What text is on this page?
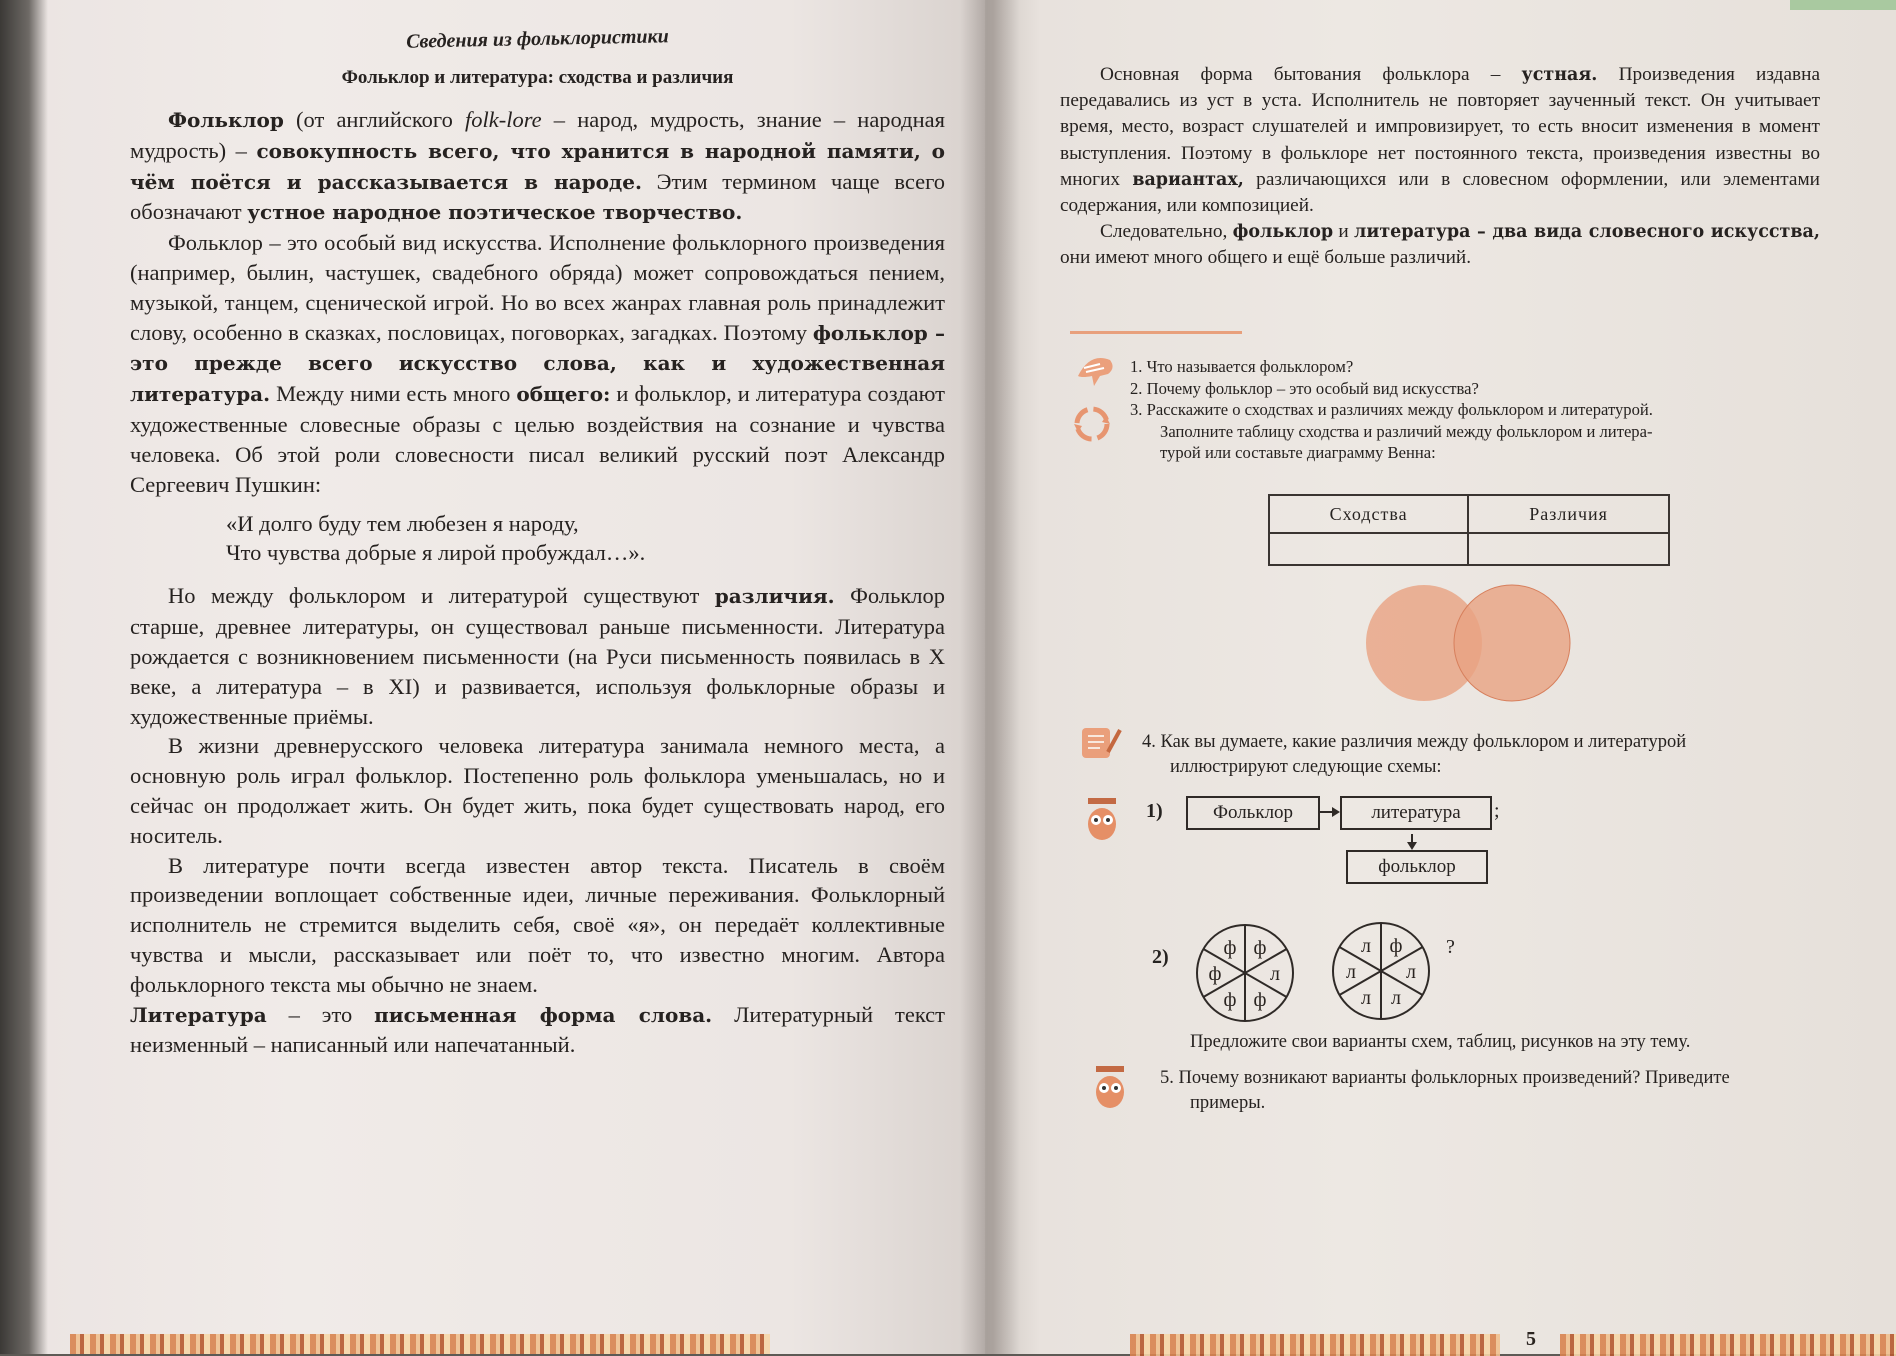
Сведения из фольклористики
Фольклор и литература: сходства и различия

Фольклор (от английского folk-lore – народ, мудрость, знание – народная мудрость) – совокупность всего, что хранится в народной памяти, о чём поётся и рассказывается в народе. Этим термином чаще всего обозначают устное народное поэтическое творчество.

Фольклор – это особый вид искусства. Исполнение фольклорного произведения (например, былин, частушек, свадебного обряда) может сопровождаться пением, музыкой, танцем, сценической игрой. Но во всех жанрах главная роль принадлежит слову, особенно в сказках, пословицах, поговорках, загадках. Поэтому фольклор – это прежде всего искусство слова, как и художественная литература. Между ними есть много общего: и фольклор, и литература создают художественные словесные образы с целью воздействия на сознание и чувства человека. Об этой роли словесности писал великий русский поэт Александр Сергеевич Пушкин:

«И долго буду тем любезен я народу,
Что чувства добрые я лирой пробуждал…».

Но между фольклором и литературой существуют различия. Фольклор старше, древнее литературы, он существовал раньше письменности. Литература рождается с возникновением письменности (на Руси письменность появилась в X веке, а литература – в XI) и развивается, используя фольклорные образы и художественные приёмы.

В жизни древнерусского человека литература занимала немного места, а основную роль играл фольклор. Постепенно роль фольклора уменьшалась, но и сейчас он продолжает жить. Он будет жить, пока будет существовать народ, его носитель.

В литературе почти всегда известен автор текста. Писатель в своём произведении воплощает собственные идеи, личные переживания. Фольклорный исполнитель не стремится выделить себя, своё «я», он передаёт коллективные чувства и мысли, рассказывает или поёт то, что известно многим. Автора фольклорного текста мы обычно не знаем.

Литература – это письменная форма слова. Литературный текст неизменный – написанный или напечатанный.

Основная форма бытования фольклора – устная. Произведения издавна передавались из уст в уста. Исполнитель не повторяет заученный текст. Он учитывает время, место, возраст слушателей и импровизирует, то есть вносит изменения в момент выступления. Поэтому в фольклоре нет постоянного текста, произведения известны во многих вариантах, различающихся или в словесном оформлении, или элементами содержания, или композицией.

Следовательно, фольклор и литература – два вида словесного искусства, они имеют много общего и ещё больше различий.

1. Что называется фольклором?
2. Почему фольклор – это особый вид искусства?
3. Расскажите о сходствах и различиях между фольклором и литературой.
Заполните таблицу сходства и различий между фольклором и литера-
турой или составьте диаграмму Венна:
Сходства	Различия

4. Как вы думаете, какие различия между фольклором и литературой
иллюстрируют следующие схемы:
1)	Фольклор	литература
фольклор
;
2)	ф
л
ф
ф
ф
ф	ф
л
л
л
л
л	?
Предложите свои варианты схем, таблиц, рисунков на эту тему.
5. Почему возникают варианты фольклорных произведений? Приведите
примеры.
5
